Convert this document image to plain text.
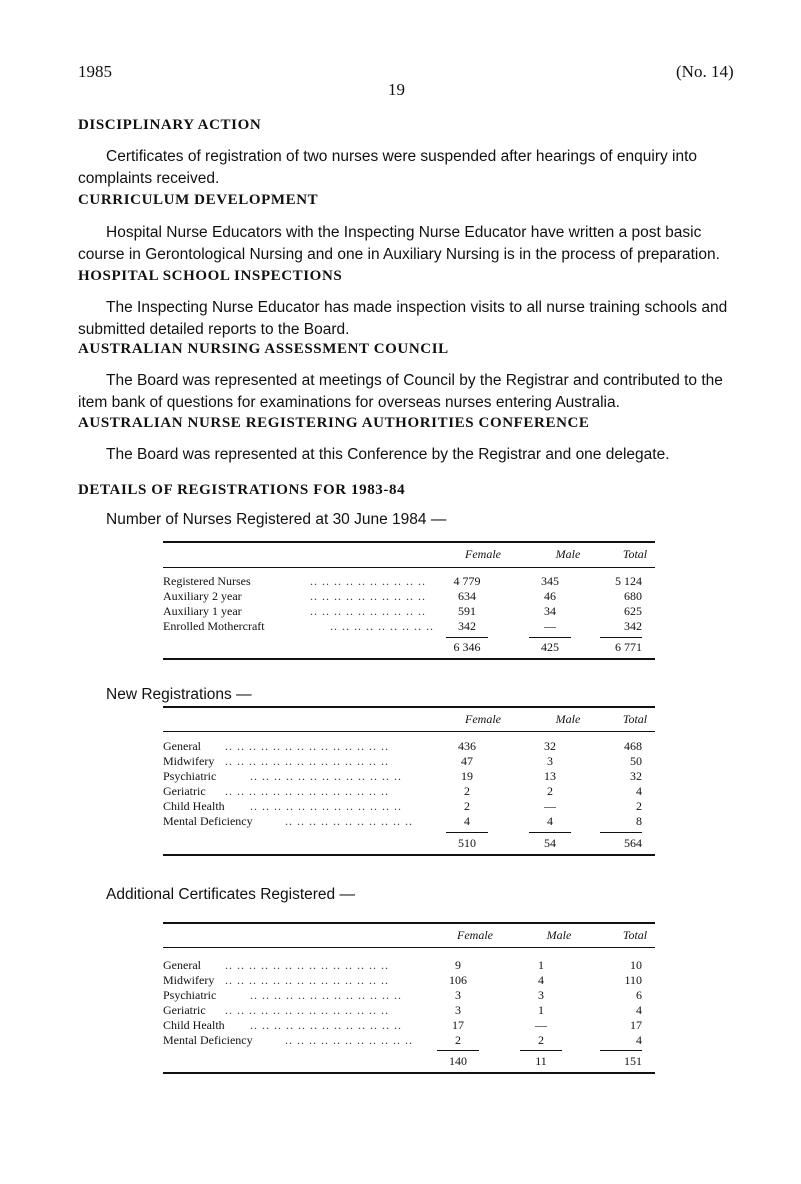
1985
19
(No. 14)
DISCIPLINARY ACTION
Certificates of registration of two nurses were suspended after hearings of enquiry into complaints received.
CURRICULUM DEVELOPMENT
Hospital Nurse Educators with the Inspecting Nurse Educator have written a post basic course in Gerontological Nursing and one in Auxiliary Nursing is in the process of preparation.
HOSPITAL SCHOOL INSPECTIONS
The Inspecting Nurse Educator has made inspection visits to all nurse training schools and submitted detailed reports to the Board.
AUSTRALIAN NURSING ASSESSMENT COUNCIL
The Board was represented at meetings of Council by the Registrar and contributed to the item bank of questions for examinations for overseas nurses entering Australia.
AUSTRALIAN NURSE REGISTERING AUTHORITIES CONFERENCE
The Board was represented at this Conference by the Registrar and one delegate.
DETAILS OF REGISTRATIONS FOR 1983-84
Number of Nurses Registered at 30 June 1984 —
Female	Male	Total
Registered Nurses	.. .. .. .. .. .. .. .. .. ..	4 779	345	5 124
Auxiliary 2 year	.. .. .. .. .. .. .. .. .. ..	634	46	680
Auxiliary 1 year	.. .. .. .. .. .. .. .. .. ..	591	34	625
Enrolled Mothercraft	.. .. .. .. .. .. .. .. ..	342	—	342
6 346	425	6 771
New Registrations —
Female	Male	Total
General .. .. .. .. .. .. .. .. .. .. .. .. .. ..	436	32	468
Midwifery .. .. .. .. .. .. .. .. .. .. .. .. .. ..	47	3	50
Psychiatric	.. .. .. .. .. .. .. .. .. .. .. .. ..	19	13	32
Geriatric .. .. .. .. .. .. .. .. .. .. .. .. .. ..	2	2	4
Child Health .. .. .. .. .. .. .. .. .. .. .. .. ..	2	—	2
Mental Deficiency	.. .. .. .. .. .. .. .. .. .. ..	4	4	8
510	54	564
Additional Certificates Registered —
Female	Male	Total
General .. .. .. .. .. .. .. .. .. .. .. .. .. ..	9	1	10
Midwifery .. .. .. .. .. .. .. .. .. .. .. .. .. ..	106	4	110
Psychiatric	.. .. .. .. .. .. .. .. .. .. .. .. ..	3	3	6
Geriatric .. .. .. .. .. .. .. .. .. .. .. .. .. ..	3	1	4
Child Health .. .. .. .. .. .. .. .. .. .. .. .. ..	17	—	17
Mental Deficiency	.. .. .. .. .. .. .. .. .. .. ..	2	2	4
140	11	151
